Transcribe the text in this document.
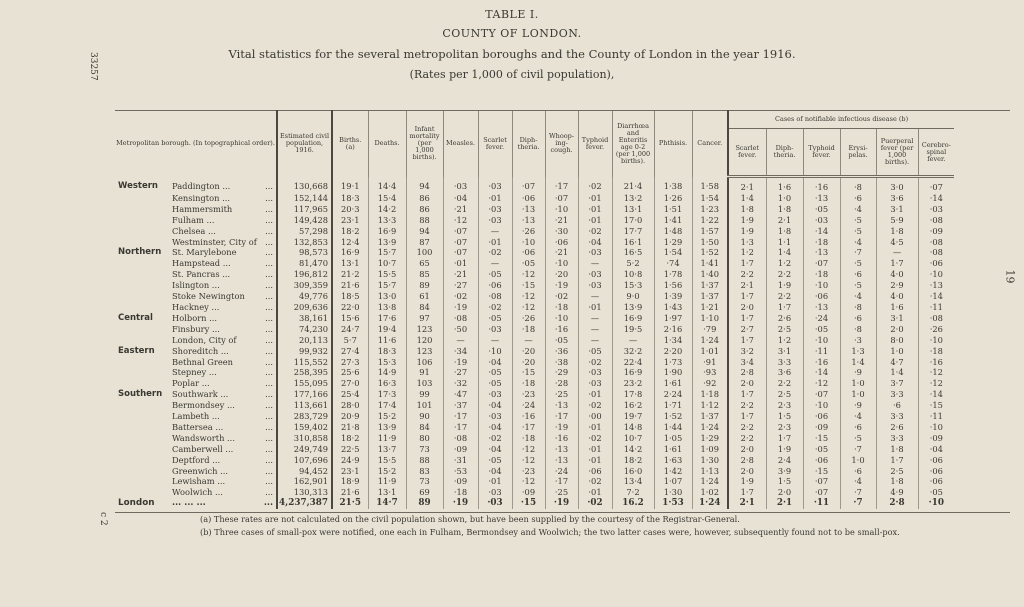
33257
19
c 2
TABLE I.
COUNTY OF LONDON.
Vital statistics for the several metropolitan boroughs and the County of London in the year 1916.
(Rates per 1,000 of civil population),
Metropolitan borough. (In topographical order).		Estimated civil population, 1916.	Births. (a)	Deaths.	Infant mortality (per 1,000 births).	Measles.	Scarlet fever.	Diph-theria.	Whoop-ing-cough.	Typhoid fever.	Diarrhœa and Enteritis age 0-2 (per 1,000 births).	Phthisis.	Cancer.	Cases of notifiable infectious disease (b)						
														Scarlet fever.	Diph-theria.	Typhoid fever.	Erysi-pelas.	Puerperal fever (per 1,000 births).	Cerebro-spinal fever.	
Western	...
Paddington ...	130,668	19·1	14·4	94	·03	·03	·07	·17	·02	21·4	1·38	1·58	2·1	1·6	·16	·8	3·0	·07	

	...
Kensington ...	152,144	18·3	15·4	86	·04	·01	·06	·07	·01	13·2	1·26	1·54	1·4	1·0	·13	·6	3·6	·14	

	...
Hammersmith	117,965	20·3	14·2	86	·21	·03	·13	·10	·01	13·1	1·51	1·23	1·8	1·8	·05	·4	3·1	·03	

	...
Fulham ...	149,428	23·1	13·3	88	·12	·03	·13	·21	·01	17·0	1·41	1·22	1·9	2·1	·03	·5	5·9	·08	

	...
Chelsea ...	57,298	18·2	16·9	94	·07	—	·26	·30	·02	17·7	1·48	1·57	1·9	1·8	·14	·5	1·8	·09	

	...
Westminster, City of	132,853	12·4	13·9	87	·07	·01	·10	·06	·04	16·1	1·29	1·50	1·3	1·1	·18	·4	4·5	·08	
Northern	...
St. Marylebone	98,573	16·9	15·7	100	·07	·02	·06	·21	·03	16·5	1·54	1·52	1·2	1·4	·13	·7	—	·08	

	...
Hampstead ...	81,470	13·1	10·7	65	·01	—	·05	·10	—	5·2	·74	1·41	1·7	1·2	·07	·5	1·7	·06	

	...
St. Pancras ...	196,812	21·2	15·5	85	·21	·05	·12	·20	·03	10·8	1·78	1·40	2·2	2·2	·18	·6	4·0	·10	

	...
Islington ...	309,359	21·6	15·7	89	·27	·06	·15	·19	·03	15·3	1·56	1·37	2·1	1·9	·10	·5	2·9	·13	

	...
Stoke Newington	49,776	18·5	13·0	61	·02	·08	·12	·02	—	9·0	1·39	1·37	1·7	2·2	·06	·4	4·0	·14	

	...
Hackney ...	209,636	22·0	13·8	84	·19	·02	·12	·18	·01	13·9	1·43	1·21	2·0	1·7	·13	·8	1·6	·11	
Central	...
Holborn ...	38,161	15·6	17·6	97	·08	·05	·26	·10	—	16·9	1·97	1·10	1·7	2·6	·24	·6	3·1	·08	

	...
Finsbury ...	74,230	24·7	19·4	123	·50	·03	·18	·16	—	19·5	2·16	·79	2·7	2·5	·05	·8	2·0	·26	

	...
London, City of	20,113	5·7	11·6	120	—	—	—	·05	—	—	1·34	1·24	1·7	1·2	·10	·3	8·0	·10	
Eastern	...
Shoreditch ...	99,932	27·4	18·3	123	·34	·10	·20	·36	·05	32·2	2·20	1·01	3·2	3·1	·11	1·3	1·0	·18	

	...
Bethnal Green	115,552	27·3	15·3	106	·19	·04	·20	·38	·02	22·4	1·73	·91	3·4	3·3	·16	1·4	4·7	·16	

	...
Stepney ...	258,395	25·6	14·9	91	·27	·05	·15	·29	·03	16·9	1·90	·93	2·8	3·6	·14	·9	1·4	·12	

	...
Poplar ...	155,095	27·0	16·3	103	·32	·05	·18	·28	·03	23·2	1·61	·92	2·0	2·2	·12	1·0	3·7	·12	
Southern	...
Southwark ...	177,166	25·4	17·3	99	·47	·03	·23	·25	·01	17·8	2·24	1·18	1·7	2·5	·07	1·0	3·3	·14	

	...
Bermondsey ...	113,661	28·0	17·4	101	·37	·04	·24	·13	·02	16·2	1·71	1·12	2·2	2·3	·10	·9	·6	·15	

	...
Lambeth ...	283,729	20·9	15·2	90	·17	·03	·16	·17	·00	19·7	1·52	1·37	1·7	1·5	·06	·4	3·3	·11	

	...
Battersea ...	159,402	21·8	13·9	84	·17	·04	·17	·19	·01	14·8	1·44	1·24	2·2	2·3	·09	·6	2·6	·10	

	...
Wandsworth ...	310,858	18·2	11·9	80	·08	·02	·18	·16	·02	10·7	1·05	1·29	2·2	1·7	·15	·5	3·3	·09	

	...
Camberwell ...	249,749	22·5	13·7	73	·09	·04	·12	·13	·01	14·2	1·61	1·09	2·0	1·9	·05	·7	1·8	·04	

	...
Deptford ...	107,696	24·9	15·5	88	·31	·05	·12	·13	·01	18·2	1·63	1·30	2·8	2·4	·06	1·0	1·7	·06	

	...
Greenwich ...	94,452	23·1	15·2	83	·53	·04	·23	·24	·06	16·0	1·42	1·13	2·0	3·9	·15	·6	2·5	·06	

	...
Lewisham ...	162,901	18·9	11·9	73	·09	·01	·12	·17	·02	13·4	1·07	1·24	1·9	1·5	·07	·4	1·8	·06	

	...
Woolwich ...	130,313	21·6	13·1	69	·18	·03	·09	·25	·01	7·2	1·30	1·02	1·7	2·0	·07	·7	4·9	·05	
London	...
... ... ...	4,237,387	21·5	14·7	89	·19	·03	·15	·19	·02	16.2	1·53	1·24	2·1	2·1	·11	·7	2·8	·10	
(a) These rates are not calculated on the civil population shown, but have been supplied by the courtesy of the Registrar-General.
(b) Three cases of small-pox were notified, one each in Fulham, Bermondsey and Woolwich; the two latter cases were, however, subsequently found not to be small-pox.
